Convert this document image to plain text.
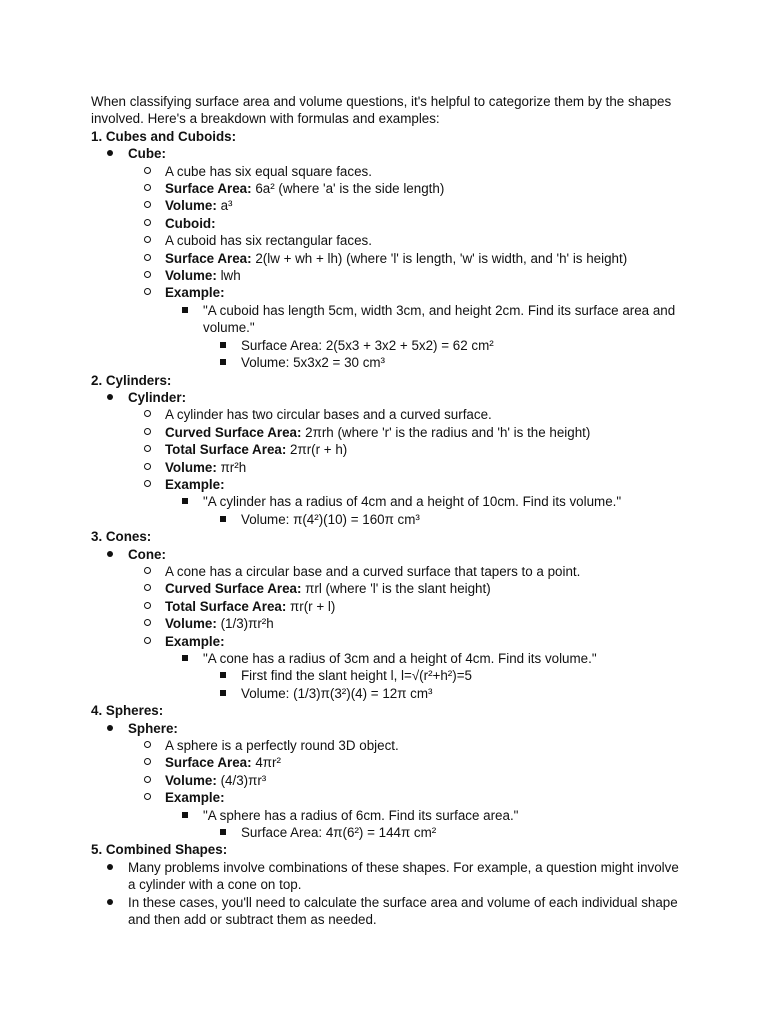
When classifying surface area and volume questions, it's helpful to categorize them by the shapes involved. Here's a breakdown with formulas and examples:

1. Cubes and Cuboids:
Cube:
A cube has six equal square faces.
Surface Area: 6a² (where 'a' is the side length)
Volume: a³
Cuboid:
A cuboid has six rectangular faces.
Surface Area: 2(lw + wh + lh) (where 'l' is length, 'w' is width, and 'h' is height)
Volume: lwh
Example:
"A cuboid has length 5cm, width 3cm, and height 2cm. Find its surface area and volume."
Surface Area: 2(5x3 + 3x2 + 5x2) = 62 cm²
Volume: 5x3x2 = 30 cm³
2. Cylinders:
Cylinder:
A cylinder has two circular bases and a curved surface.
Curved Surface Area: 2πrh (where 'r' is the radius and 'h' is the height)
Total Surface Area: 2πr(r + h)
Volume: πr²h
Example:
"A cylinder has a radius of 4cm and a height of 10cm. Find its volume."
Volume: π(4²)(10) = 160π cm³
3. Cones:
Cone:
A cone has a circular base and a curved surface that tapers to a point.
Curved Surface Area: πrl (where 'l' is the slant height)
Total Surface Area: πr(r + l)
Volume: (1/3)πr²h
Example:
"A cone has a radius of 3cm and a height of 4cm. Find its volume."
First find the slant height l, l=√(r²+h²)=5
Volume: (1/3)π(3²)(4) = 12π cm³
4. Spheres:
Sphere:
A sphere is a perfectly round 3D object.
Surface Area: 4πr²
Volume: (4/3)πr³
Example:
"A sphere has a radius of 6cm. Find its surface area."
Surface Area: 4π(6²) = 144π cm²
5. Combined Shapes:
Many problems involve combinations of these shapes. For example, a question might involve a cylinder with a cone on top.
In these cases, you'll need to calculate the surface area and volume of each individual shape and then add or subtract them as needed.
